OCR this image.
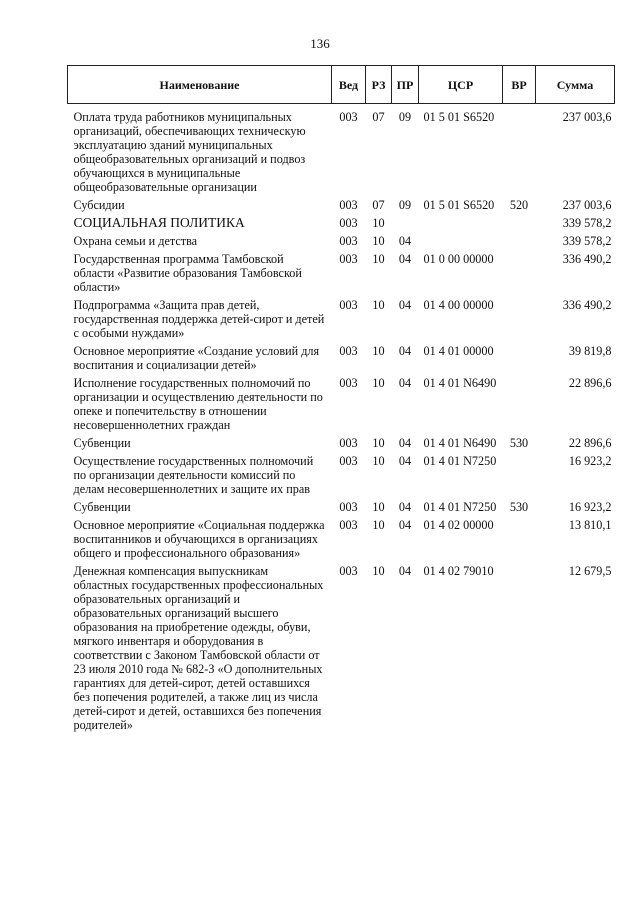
136
Наименование	Вед	РЗ	ПР	ЦСР	ВР	Сумма
Оплата труда работников муниципальных организаций, обеспечивающих техническую эксплуатацию зданий муниципальных общеобразовательных организаций и подвоз обучающихся в муниципальные общеобразовательные организации	003	07	09	01 5 01 S6520		237 003,6
Субсидии	003	07	09	01 5 01 S6520	520	237 003,6
СОЦИАЛЬНАЯ ПОЛИТИКА	003	10				339 578,2
Охрана семьи и детства	003	10	04			339 578,2
Государственная программа Тамбовской области «Развитие образования Тамбовской области»	003	10	04	01 0 00 00000		336 490,2
Подпрограмма «Защита прав детей, государственная поддержка детей-сирот и детей с особыми нуждами»	003	10	04	01 4 00 00000		336 490,2
Основное мероприятие «Создание условий для воспитания и социализации детей»	003	10	04	01 4 01 00000		39 819,8
Исполнение государственных полномочий по организации и осуществлению деятельности по опеке и попечительству в отношении несовершеннолетних граждан	003	10	04	01 4 01 N6490		22 896,6
Субвенции	003	10	04	01 4 01 N6490	530	22 896,6
Осуществление государственных полномочий по организации деятельности комиссий по делам несовершеннолетних и защите их прав	003	10	04	01 4 01 N7250		16 923,2
Субвенции	003	10	04	01 4 01 N7250	530	16 923,2
Основное мероприятие «Социальная поддержка воспитанников и обучающихся в организациях общего и профессионального образования»	003	10	04	01 4 02 00000		13 810,1
Денежная компенсация выпускникам областных государственных профессиональных образовательных организаций и образовательных организаций высшего образования на приобретение одежды, обуви, мягкого инвентаря и оборудования в соответствии с Законом Тамбовской области от 23 июля 2010 года № 682-З «О дополнительных гарантиях для детей-сирот, детей оставшихся без попечения родителей, а также лиц из числа детей-сирот и детей, оставшихся без попечения родителей»	003	10	04	01 4 02 79010		12 679,5
